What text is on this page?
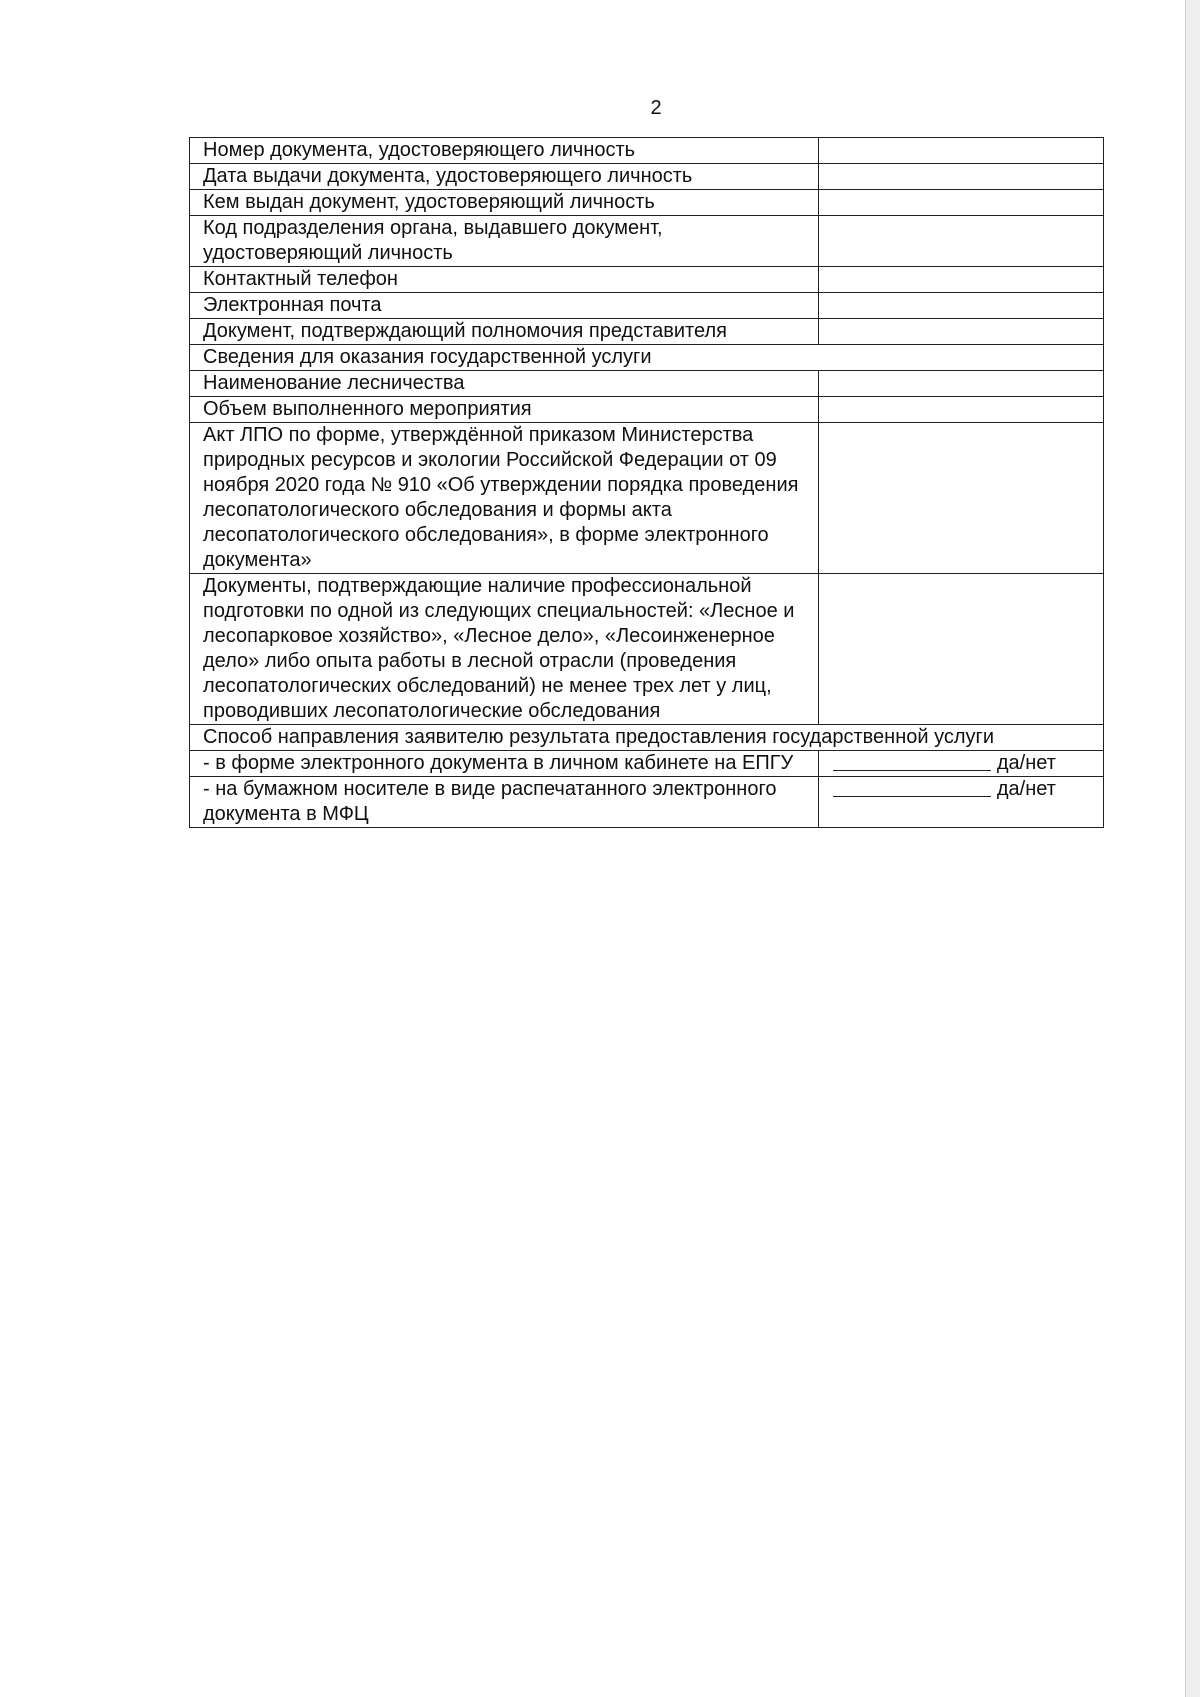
2
Номер документа, удостоверяющего личность	
Дата выдачи документа, удостоверяющего личность	
Кем выдан документ, удостоверяющий личность	
Код подразделения органа, выдавшего документ, удостоверяющий личность	
Контактный телефон	
Электронная почта	
Документ, подтверждающий полномочия представителя	
Сведения для оказания государственной услуги	
Наименование лесничества	
Объем выполненного мероприятия	
Акт ЛПО по форме, утверждённой приказом Министерства природных ресурсов и экологии Российской Федерации от 09 ноября 2020 года № 910 «Об утверждении порядка проведения лесопатологического обследования и формы акта лесопатологического обследования», в форме электронного документа»	
Документы, подтверждающие наличие профессиональной подготовки по одной из следующих специальностей: «Лесное и лесопарковое хозяйство», «Лесное дело», «Лесоинженерное дело» либо опыта работы в лесной отрасли (проведения лесопатологических обследований) не менее трех лет у лиц, проводивших лесопатологические обследования	
Способ направления заявителю результата предоставления государственной услуги	
- в форме электронного документа в личном кабинете на ЕПГУ	да/нет

- на бумажном носителе в виде распечатанного электронного документа в МФЦ	да/нет
